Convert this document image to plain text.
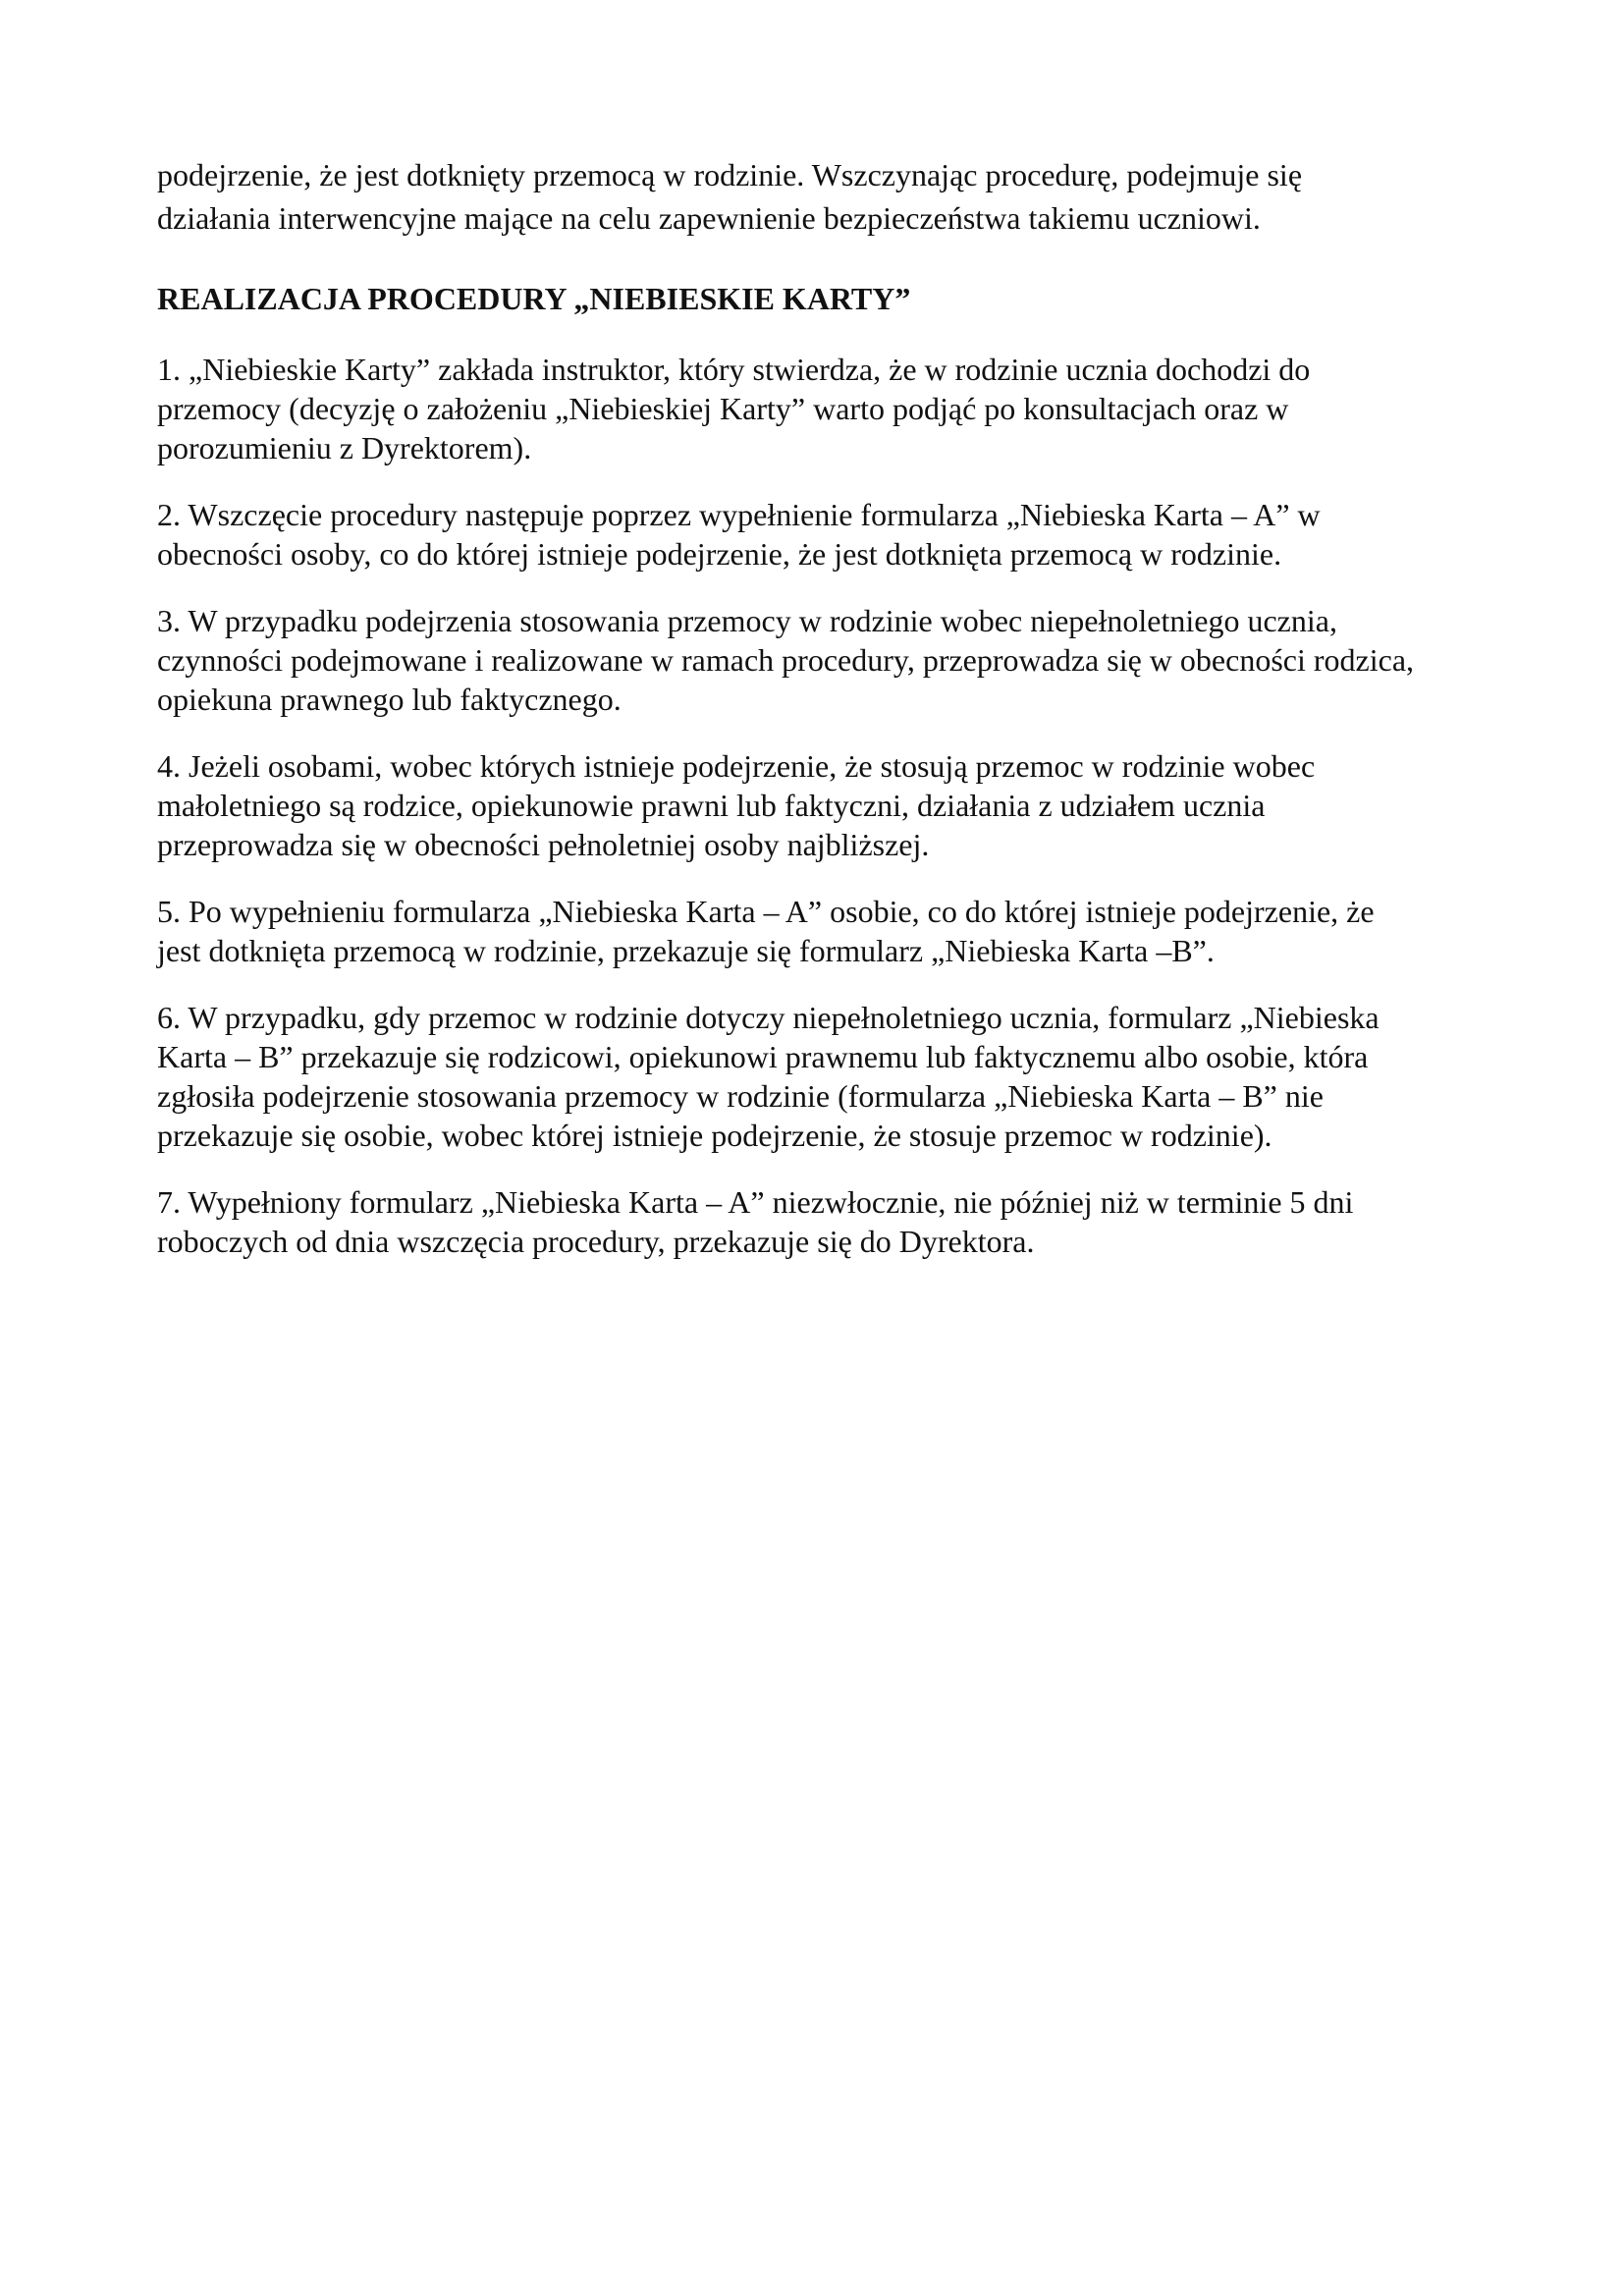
podejrzenie, że jest dotknięty przemocą w rodzinie. Wszczynając procedurę, podejmuje się
działania interwencyjne mające na celu zapewnienie bezpieczeństwa takiemu uczniowi.

REALIZACJA PROCEDURY „NIEBIESKIE KARTY”

1. „Niebieskie Karty” zakłada instruktor, który stwierdza, że w rodzinie ucznia dochodzi do
przemocy (decyzję o założeniu „Niebieskiej Karty” warto podjąć po konsultacjach oraz w
porozumieniu z Dyrektorem).

2. Wszczęcie procedury następuje poprzez wypełnienie formularza „Niebieska Karta – A” w
obecności osoby, co do której istnieje podejrzenie, że jest dotknięta przemocą w rodzinie.

3. W przypadku podejrzenia stosowania przemocy w rodzinie wobec niepełnoletniego ucznia,
czynności podejmowane i realizowane w ramach procedury, przeprowadza się w obecności rodzica,
opiekuna prawnego lub faktycznego.

4. Jeżeli osobami, wobec których istnieje podejrzenie, że stosują przemoc w rodzinie wobec
małoletniego są rodzice, opiekunowie prawni lub faktyczni, działania z udziałem ucznia
przeprowadza się w obecności pełnoletniej osoby najbliższej.

5. Po wypełnieniu formularza „Niebieska Karta – A” osobie, co do której istnieje podejrzenie, że
jest dotknięta przemocą w rodzinie, przekazuje się formularz „Niebieska Karta –B”.

6. W przypadku, gdy przemoc w rodzinie dotyczy niepełnoletniego ucznia, formularz „Niebieska
Karta – B” przekazuje się rodzicowi, opiekunowi prawnemu lub faktycznemu albo osobie, która
zgłosiła podejrzenie stosowania przemocy w rodzinie (formularza „Niebieska Karta – B” nie
przekazuje się osobie, wobec której istnieje podejrzenie, że stosuje przemoc w rodzinie).

7. Wypełniony formularz „Niebieska Karta – A” niezwłocznie, nie później niż w terminie 5 dni
roboczych od dnia wszczęcia procedury, przekazuje się do Dyrektora.
